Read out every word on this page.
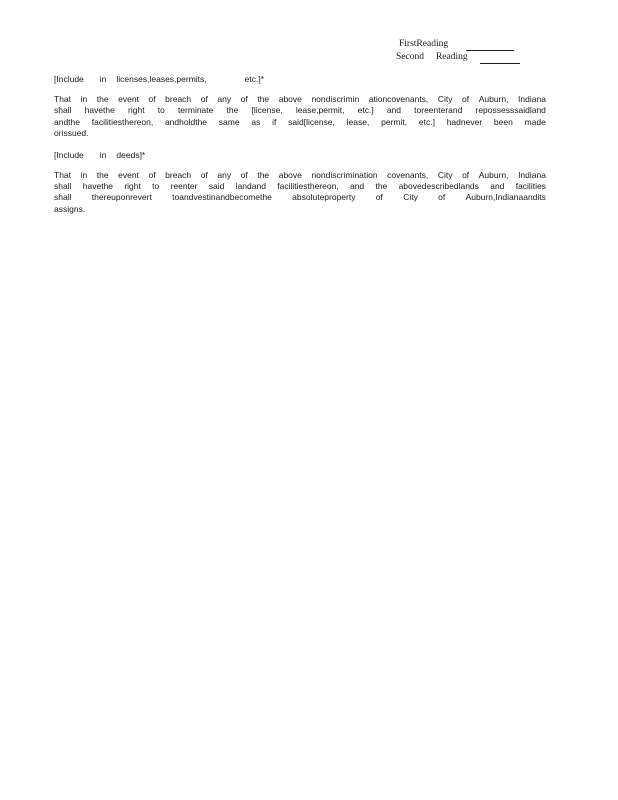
FirstReading
Second Reading
[Include in licenses,leases,permits,	etc.]*
That in the event of breach of any of the above nondiscrimin ationcovenants, City of Auburn, Indiana
shall havethe right to terminate the [license, lease,permit, etc.] and toreenterand repossesssaidland
andthe facilitiesthereon, andholdthe same as if said[license, lease, permit, etc.] hadnever been made
orissued.
[Include in deeds]*
That in the event of breach of any of the above nondiscrimination covenants, City of Auburn, Indiana
shall havethe right to reenter said landand facilitiesthereon, and the abovedescribedlands and facilities
shall thereuponrevert toandvestinandbecomethe absoluteproperty of City of Auburn,Indianaandits
assigns.
